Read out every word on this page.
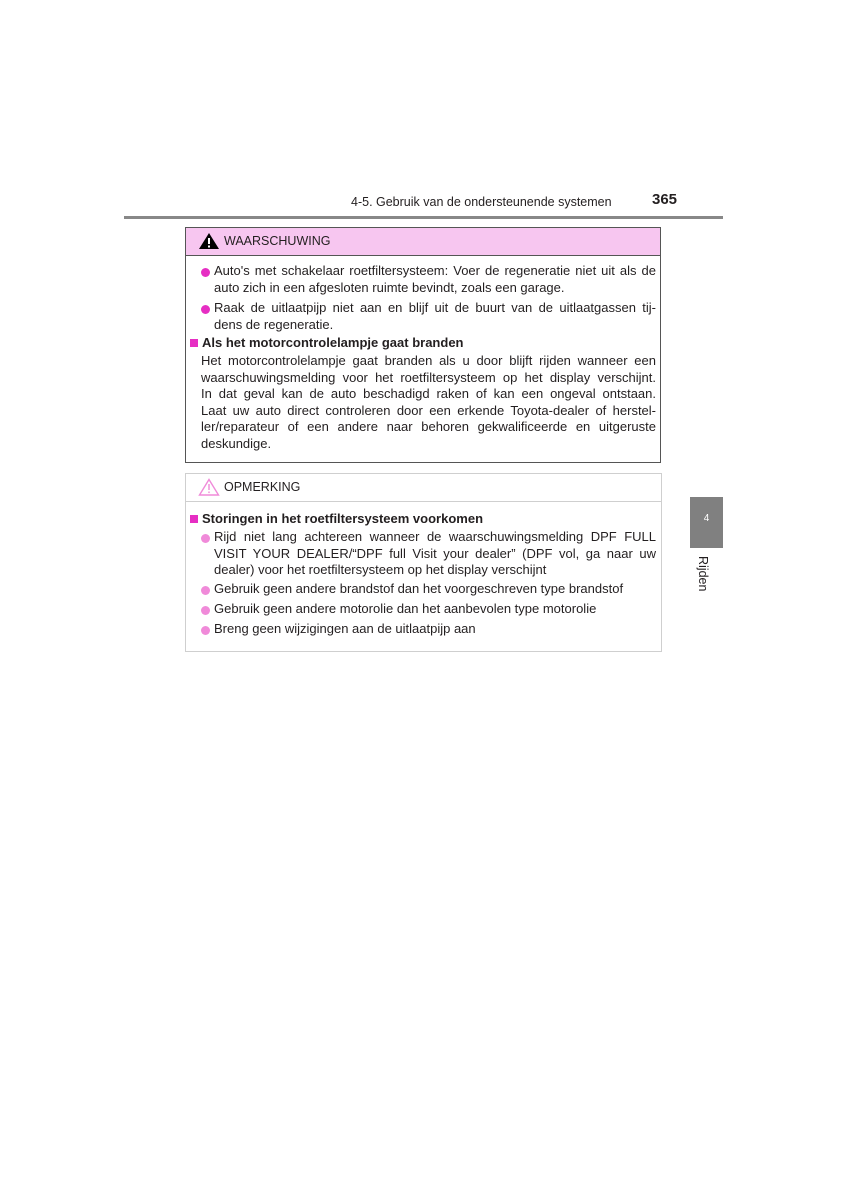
4-5. Gebruik van de ondersteunende systemen	365
WAARSCHUWING
Auto's met schakelaar roetfiltersysteem: Voer de regeneratie niet uit als de
auto zich in een afgesloten ruimte bevindt, zoals een garage.
Raak de uitlaatpijp niet aan en blijf uit de buurt van de uitlaatgassen tij-
dens de regeneratie.
Als het motorcontrolelampje gaat branden
Het motorcontrolelampje gaat branden als u door blijft rijden wanneer een
waarschuwingsmelding voor het roetfiltersysteem op het display verschijnt.
In dat geval kan de auto beschadigd raken of kan een ongeval ontstaan.
Laat uw auto direct controleren door een erkende Toyota-dealer of herstel-
ler/reparateur of een andere naar behoren gekwalificeerde en uitgeruste
deskundige.
OPMERKING
Storingen in het roetfiltersysteem voorkomen
Rijd niet lang achtereen wanneer de waarschuwingsmelding DPF FULL
VISIT YOUR DEALER/“DPF full Visit your dealer” (DPF vol, ga naar uw
dealer) voor het roetfiltersysteem op het display verschijnt
Gebruik geen andere brandstof dan het voorgeschreven type brandstof
Gebruik geen andere motorolie dan het aanbevolen type motorolie
Breng geen wijzigingen aan de uitlaatpijp aan
4
Rijden
